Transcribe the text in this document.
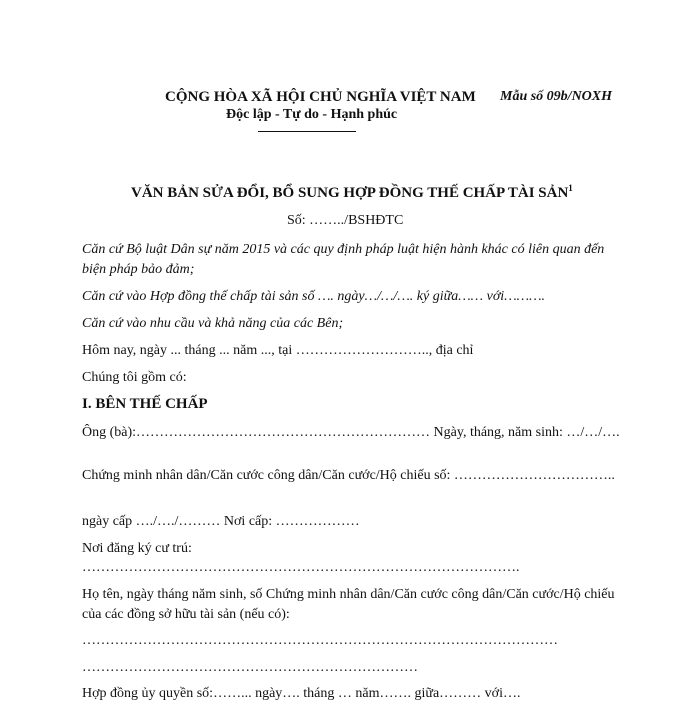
CỘNG HÒA XÃ HỘI CHỦ NGHĨA VIỆT NAM Mẫu số 09b/NOXH
Độc lập - Tự do - Hạnh phúc
VĂN BẢN SỬA ĐỔI, BỔ SUNG HỢP ĐỒNG THẾ CHẤP TÀI SẢN$^1$
Số: ……../BSHĐTC
Căn cứ Bộ luật Dân sự năm 2015 và các quy định pháp luật hiện hành khác có liên quan đến biện pháp bảo đảm;
Căn cứ vào Hợp đồng thế chấp tài sản số …. ngày…/…/…. ký giữa…… với……….
Căn cứ vào nhu cầu và khả năng của các Bên;
Hôm nay, ngày ... tháng ... năm ..., tại ……………………….., địa chỉ
Chúng tôi gồm có:
I. BÊN THẾ CHẤP
Ông (bà):……………………………………………………… Ngày, tháng, năm sinh: …/…/….
Chứng minh nhân dân/Căn cước công dân/Căn cước/Hộ chiếu số: ……………………………..
ngày cấp …./…./……… Nơi cấp: ………………
Nơi đăng ký cư trú:
………………………………………………………………………………….
Họ tên, ngày tháng năm sinh, số Chứng minh nhân dân/Căn cước công dân/Căn cước/Hộ chiếu của các đồng sở hữu tài sản (nếu có):
…………………………………………………………………………………………
………………………………………………………………
Hợp đồng ủy quyền số:……... ngày…. tháng … năm……. giữa……… với….
